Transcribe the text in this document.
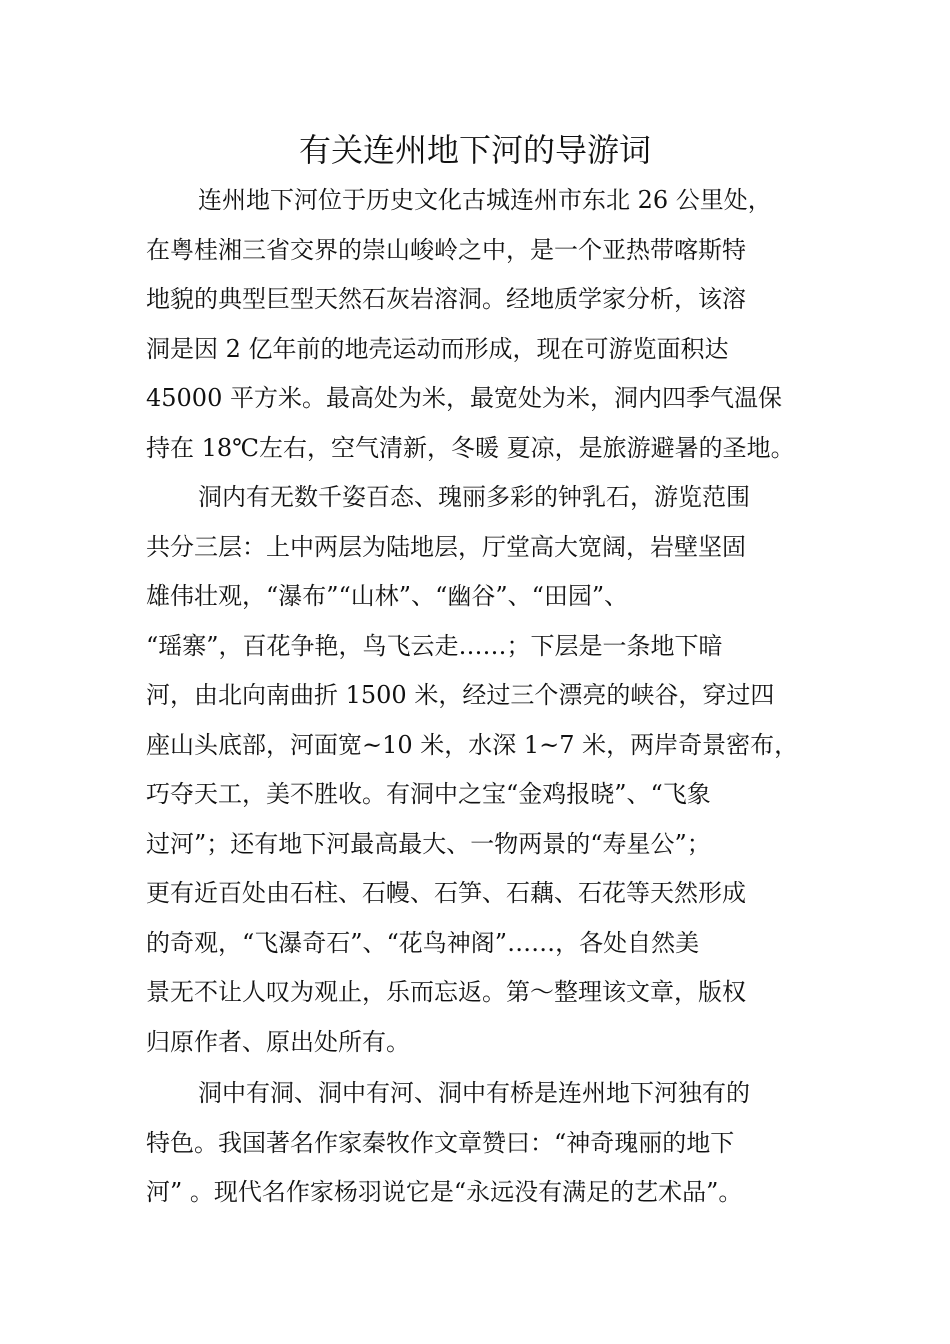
有关连州地下河的导游词

连州地下河位于历史文化古城连州市东北 26 公里处，
在粤桂湘三省交界的崇山峻岭之中，是一个亚热带喀斯特
地貌的典型巨型天然石灰岩溶洞。经地质学家分析，该溶
洞是因 2 亿年前的地壳运动而形成，现在可游览面积达
45000 平方米。最高处为米，最宽处为米，洞内四季气温保
持在 18℃左右，空气清新，冬暖 夏凉，是旅游避暑的圣地。

洞内有无数千姿百态、瑰丽多彩的钟乳石，游览范围
共分三层：上中两层为陆地层，厅堂高大宽阔，岩壁坚固
雄伟壮观，“瀑布”“山林”、“幽谷”、“田园”、
“瑶寨”，百花争艳，鸟飞云走……；下层是一条地下暗
河，由北向南曲折 1500 米，经过三个漂亮的峡谷，穿过四
座山头底部，河面宽~10 米，水深 1~7 米，两岸奇景密布，
巧夺天工，美不胜收。有洞中之宝“金鸡报晓”、“飞象
过河”；还有地下河最高最大、一物两景的“寿星公”；
更有近百处由石柱、石幔、石笋、石藕、石花等天然形成
的奇观，“飞瀑奇石”、“花鸟神阁”……，各处自然美
景无不让人叹为观止，乐而忘返。第～整理该文章，版权
归原作者、原出处所有。

洞中有洞、洞中有河、洞中有桥是连州地下河独有的
特色。我国著名作家秦牧作文章赞曰：“神奇瑰丽的地下
河” 。现代名作家杨羽说它是“永远没有满足的艺术品”。
